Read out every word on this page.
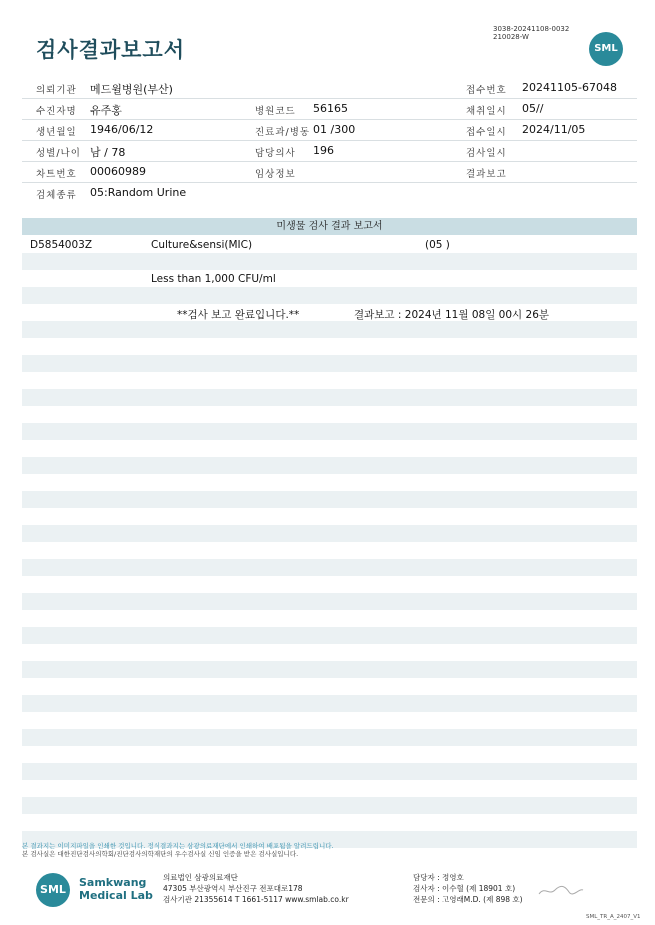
검사결과보고서
3038-20241108-0032
210028-W
SML
의뢰기관 메드윌병원(부산)	접수번호 20241105-67048
수진자명 유주홍	병원코드 56165	채취일시 05//
생년월일 1946/06/12	진료과/병동 01 /300	접수일시 2024/11/05
성별/나이 남 / 78	담당의사 196	검사일시
차트번호 00060989	임상정보	결과보고
검체종류 05:Random Urine
미생물 검사 결과 보고서
D5854003Z	Culture&sensi(MIC)	(05 )
Less than 1,000 CFU/ml
**검사 보고 완료입니다.**	결과보고 : 2024년 11월 08일 00시 26분
본 결과지는 이미지파일을 인쇄한 것입니다. 정식결과지는 삼광의료재단에서 인쇄하여 배포됨을 알려드립니다.
본 검사실은 대한진단검사의학회/진단검사의학재단의 우수검사실 신임 인증을 받은 검사실입니다.
SML
Samkwang
Medical Lab
의료법인 삼광의료재단
47305 부산광역시 부산진구 전포대로178
검사기관 21355614 T 1661-5117 www.smlab.co.kr
담당자 : 정영호
검사자 : 이수혈 (제 18901 호)
전문의 : 고영래M.D. (제 898 호)
SML_TR_A_2407_V1
